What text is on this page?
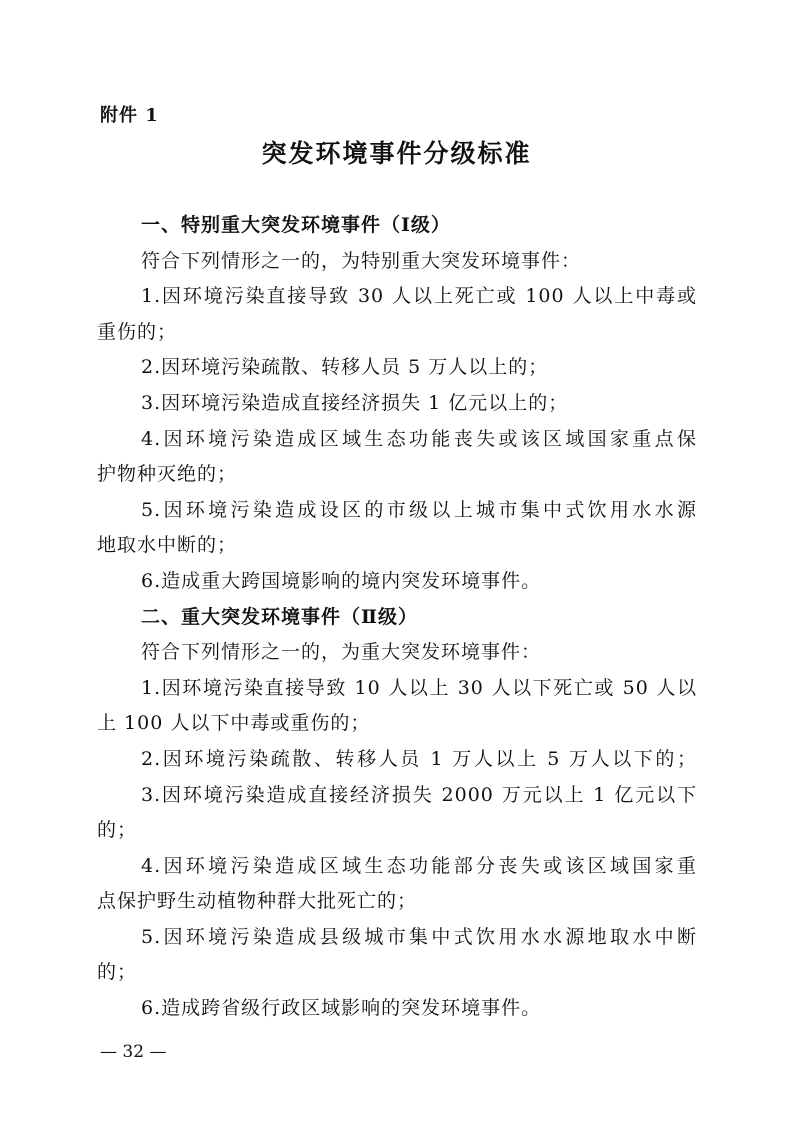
附件 1
突发环境事件分级标准
一、特别重大突发环境事件（Ⅰ级）
符合下列情形之一的，为特别重大突发环境事件：
1.因环境污染直接导致 30 人以上死亡或 100 人以上中毒或
重伤的；
2.因环境污染疏散、转移人员 5 万人以上的；
3.因环境污染造成直接经济损失 1 亿元以上的；
4.因环境污染造成区域生态功能丧失或该区域国家重点保
护物种灭绝的；
5.因环境污染造成设区的市级以上城市集中式饮用水水源
地取水中断的；
6.造成重大跨国境影响的境内突发环境事件。
二、重大突发环境事件（Ⅱ级）
符合下列情形之一的，为重大突发环境事件：
1.因环境污染直接导致 10 人以上 30 人以下死亡或 50 人以
上 100 人以下中毒或重伤的；
2.因环境污染疏散、转移人员 1 万人以上 5 万人以下的；
3.因环境污染造成直接经济损失 2000 万元以上 1 亿元以下
的；
4.因环境污染造成区域生态功能部分丧失或该区域国家重
点保护野生动植物种群大批死亡的；
5.因环境污染造成县级城市集中式饮用水水源地取水中断
的；
6.造成跨省级行政区域影响的突发环境事件。
— 32 —
